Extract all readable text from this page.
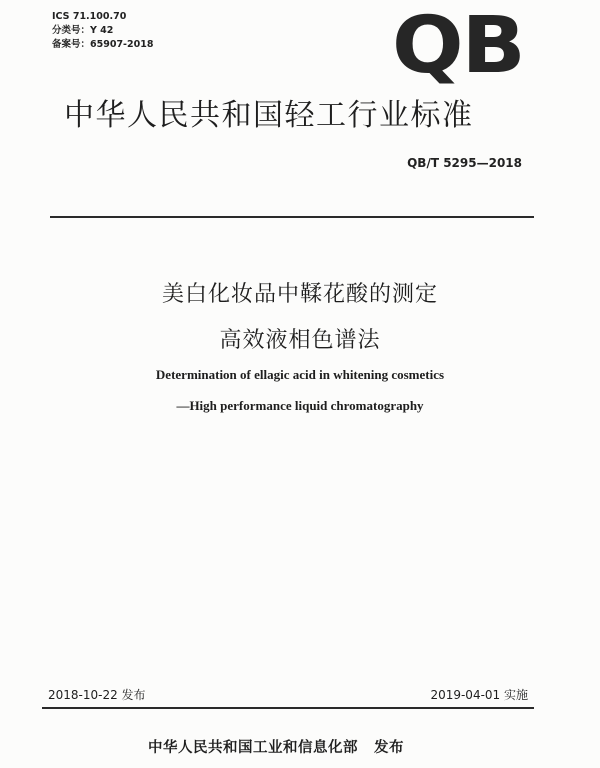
ICS 71.100.70
分类号：Y 42
备案号：65907-2018	QB
中华人民共和国轻工行业标准
QB/T 5295—2018
美白化妆品中鞣花酸的测定
高效液相色谱法
Determination of ellagic acid in whitening cosmetics
—High performance liquid chromatography
2018-10-22 发布	2019-04-01 实施
中华人民共和国工业和信息化部 发布
